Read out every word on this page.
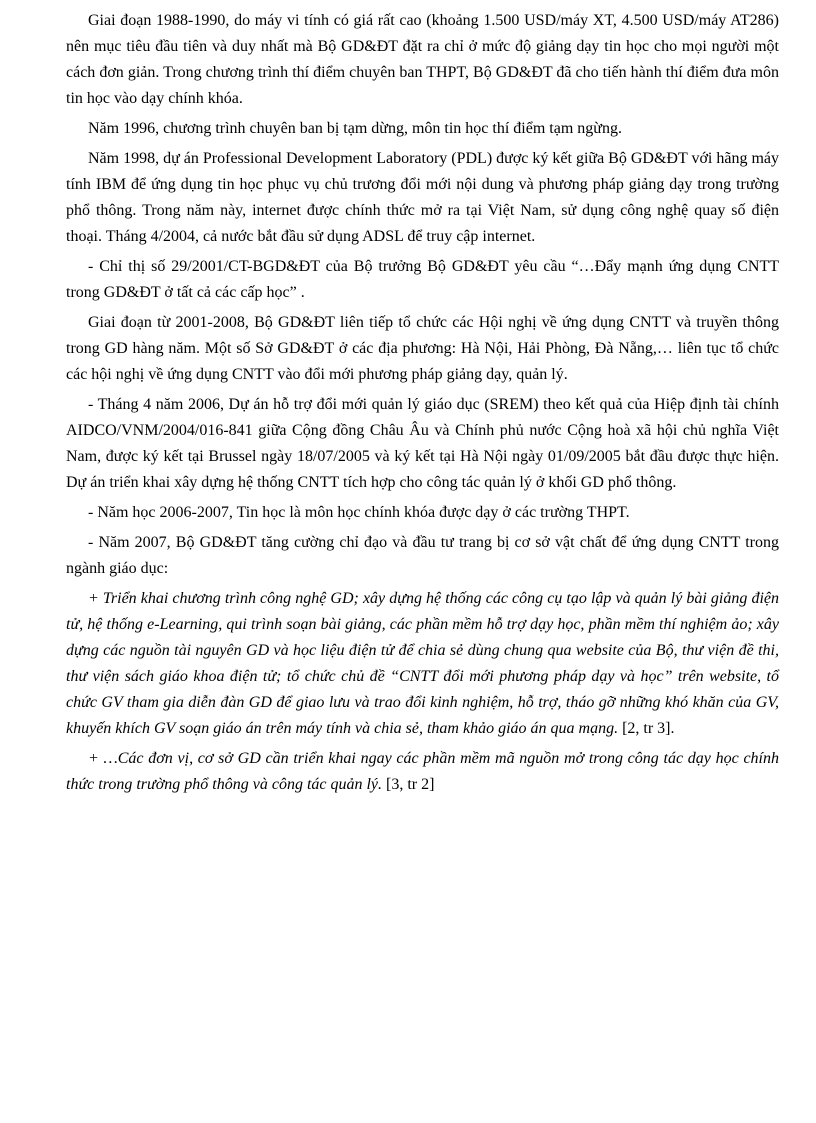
Giai đoạn 1988-1990, do máy vi tính có giá rất cao (khoảng 1.500 USD/máy XT, 4.500 USD/máy AT286) nên mục tiêu đầu tiên và duy nhất mà Bộ GD&ĐT đặt ra chỉ ở mức độ giảng dạy tin học cho mọi người một cách đơn giản. Trong chương trình thí điểm chuyên ban THPT, Bộ GD&ĐT đã cho tiến hành thí điểm đưa môn tin học vào dạy chính khóa.

Năm 1996, chương trình chuyên ban bị tạm dừng, môn tin học thí điểm tạm ngừng.

Năm 1998, dự án Professional Development Laboratory (PDL) được ký kết giữa Bộ GD&ĐT với hãng máy tính IBM để ứng dụng tin học phục vụ chủ trương đổi mới nội dung và phương pháp giảng dạy trong trường phổ thông. Trong năm này, internet được chính thức mở ra tại Việt Nam, sử dụng công nghệ quay số điện thoại. Tháng 4/2004, cả nước bắt đầu sử dụng ADSL để truy cập internet.

- Chỉ thị số 29/2001/CT-BGD&ĐT của Bộ trưởng Bộ GD&ĐT yêu cầu “…Đẩy mạnh ứng dụng CNTT trong GD&ĐT ở tất cả các cấp học” .

Giai đoạn từ 2001-2008, Bộ GD&ĐT liên tiếp tổ chức các Hội nghị về ứng dụng CNTT và truyền thông trong GD hàng năm. Một số Sở GD&ĐT ở các địa phương: Hà Nội, Hải Phòng, Đà Nẵng,… liên tục tổ chức các hội nghị về ứng dụng CNTT vào đổi mới phương pháp giảng dạy, quản lý.

- Tháng 4 năm 2006, Dự án hỗ trợ đổi mới quản lý giáo dục (SREM) theo kết quả của Hiệp định tài chính AIDCO/VNM/2004/016-841 giữa Cộng đồng Châu Âu và Chính phủ nước Cộng hoà xã hội chủ nghĩa Việt Nam, được ký kết tại Brussel ngày 18/07/2005 và ký kết tại Hà Nội ngày 01/09/2005 bắt đầu được thực hiện. Dự án triển khai xây dựng hệ thống CNTT tích hợp cho công tác quản lý ở khối GD phổ thông.

- Năm học 2006-2007, Tin học là môn học chính khóa được dạy ở các trường THPT.

- Năm 2007, Bộ GD&ĐT tăng cường chỉ đạo và đầu tư trang bị cơ sở vật chất để ứng dụng CNTT trong ngành giáo dục:

+ Triển khai chương trình công nghệ GD; xây dựng hệ thống các công cụ tạo lập và quản lý bài giảng điện tử, hệ thống e-Learning, qui trình soạn bài giảng, các phần mềm hỗ trợ dạy học, phần mềm thí nghiệm ảo; xây dựng các nguồn tài nguyên GD và học liệu điện tử để chia sẻ dùng chung qua website của Bộ, thư viện đề thi, thư viện sách giáo khoa điện tử; tổ chức chủ đề “CNTT đổi mới phương pháp dạy và học” trên website, tổ chức GV tham gia diễn đàn GD để giao lưu và trao đổi kinh nghiệm, hỗ trợ, tháo gỡ những khó khăn của GV, khuyến khích GV soạn giáo án trên máy tính và chia sẻ, tham khảo giáo án qua mạng. [2, tr 3].

+ …Các đơn vị, cơ sở GD cần triển khai ngay các phần mềm mã nguồn mở trong công tác dạy học chính thức trong trường phổ thông và công tác quản lý. [3, tr 2]
